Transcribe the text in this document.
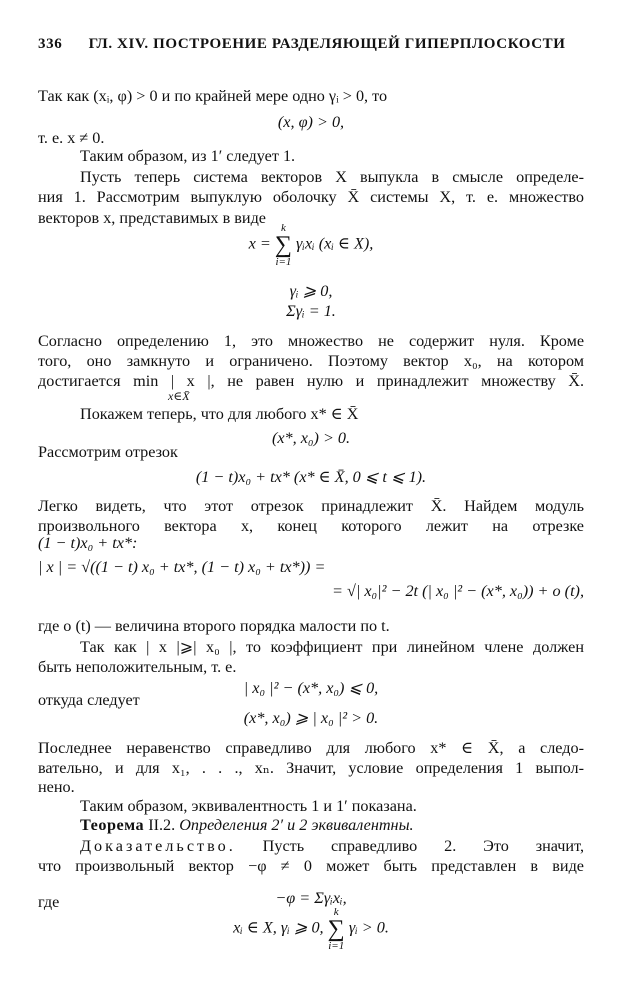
336 ГЛ. XIV. ПОСТРОЕНИЕ РАЗДЕЛЯЮЩЕЙ ГИПЕРПЛОСКОСТИ
Так как (xᵢ, φ) > 0 и по крайней мере одно γᵢ > 0, то
(x, φ) > 0,
т. е. x ≠ 0.
Таким образом, из 1′ следует 1.
Пусть теперь система векторов X выпукла в смысле определе-
ния 1. Рассмотрим выпуклую оболочку X̄ системы X, т. е. множество
векторов x, представимых в виде
x =
k
∑
i=1
γᵢxᵢ (xᵢ ∈ X),
γᵢ ⩾ 0,
Σγᵢ = 1.
Согласно определению 1, это множество не содержит нуля. Кроме
того, оно замкнуто и ограничено. Поэтому вектор x₀, на котором
достигается min | x |, не равен нулю и принадлежит множеству X̄.
x∈X̄
Покажем теперь, что для любого x* ∈ X̄
(x*, x₀) > 0.
Рассмотрим отрезок
(1 − t)x₀ + tx* (x* ∈ X̄, 0 ⩽ t ⩽ 1).
Легко видеть, что этот отрезок принадлежит X̄. Найдем модуль
произвольного вектора x, конец которого лежит на отрезке
(1 − t)x₀ + tx*:
| x | = √((1 − t) x₀ + tx*, (1 − t) x₀ + tx*)) =
= √| x₀|² − 2t (| x₀ |² − (x*, x₀)) + o (t),
где o (t) — величина второго порядка малости по t.
Так как | x |⩾| x₀ |, то коэффициент при линейном члене должен
быть неположительным, т. е.
| x₀ |² − (x*, x₀) ⩽ 0,
откуда следует
(x*, x₀) ⩾ | x₀ |² > 0.
Последнее неравенство справедливо для любого x* ∈ X̄, а следо-
вательно, и для x₁, . . ., xₙ. Значит, условие определения 1 выпол-
нено.
Таким образом, эквивалентность 1 и 1′ показана.
Теорема II.2. Определения 2′ и 2 эквивалентны.
Доказательство. Пусть справедливо 2. Это значит,
что произвольный вектор −φ ≠ 0 может быть представлен в виде
−φ = Σγᵢxᵢ,
где
xᵢ ∈ X, γᵢ ⩾ 0,
k
∑
i=1
γᵢ > 0.
